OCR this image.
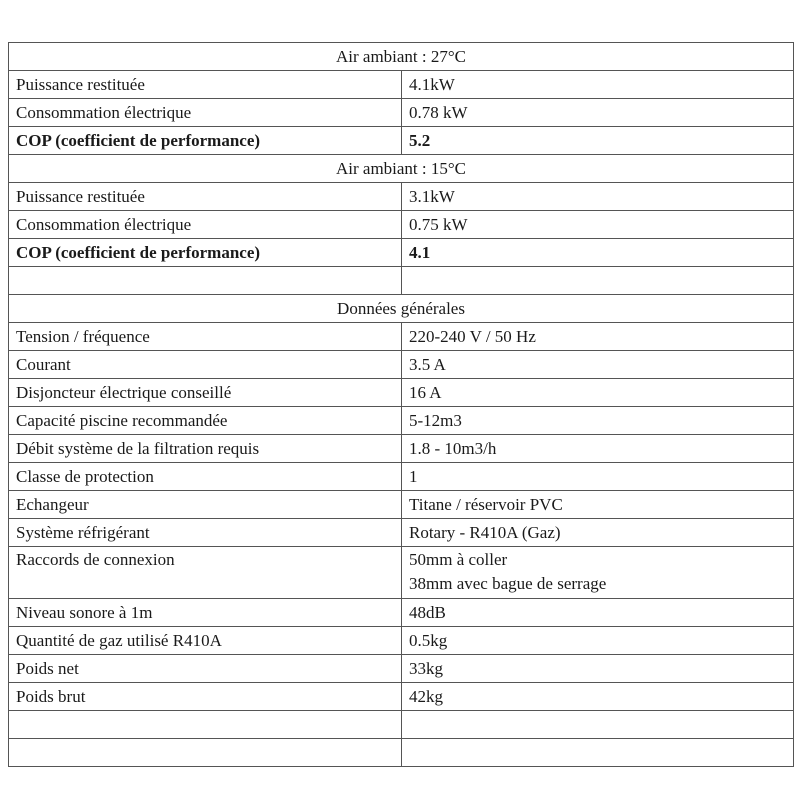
Air ambiant : 27°C	
Puissance restituée	4.1kW
Consommation électrique	0.78 kW
COP (coefficient de performance)	5.2
Air ambiant : 15°C	
Puissance restituée	3.1kW
Consommation électrique	0.75 kW
COP (coefficient de performance)	4.1

Données générales	
Tension / fréquence	220-240 V / 50 Hz
Courant	3.5 A
Disjoncteur électrique conseillé	16 A
Capacité piscine recommandée	5-12m3
Débit système de la filtration requis	1.8 - 10m3/h
Classe de protection	1
Echangeur	Titane / réservoir PVC
Système réfrigérant	Rotary - R410A (Gaz)
Raccords de connexion	50mm à coller
38mm avec bague de serrage

Niveau sonore à 1m	48dB
Quantité de gaz utilisé R410A	0.5kg
Poids net	33kg
Poids brut	42kg
